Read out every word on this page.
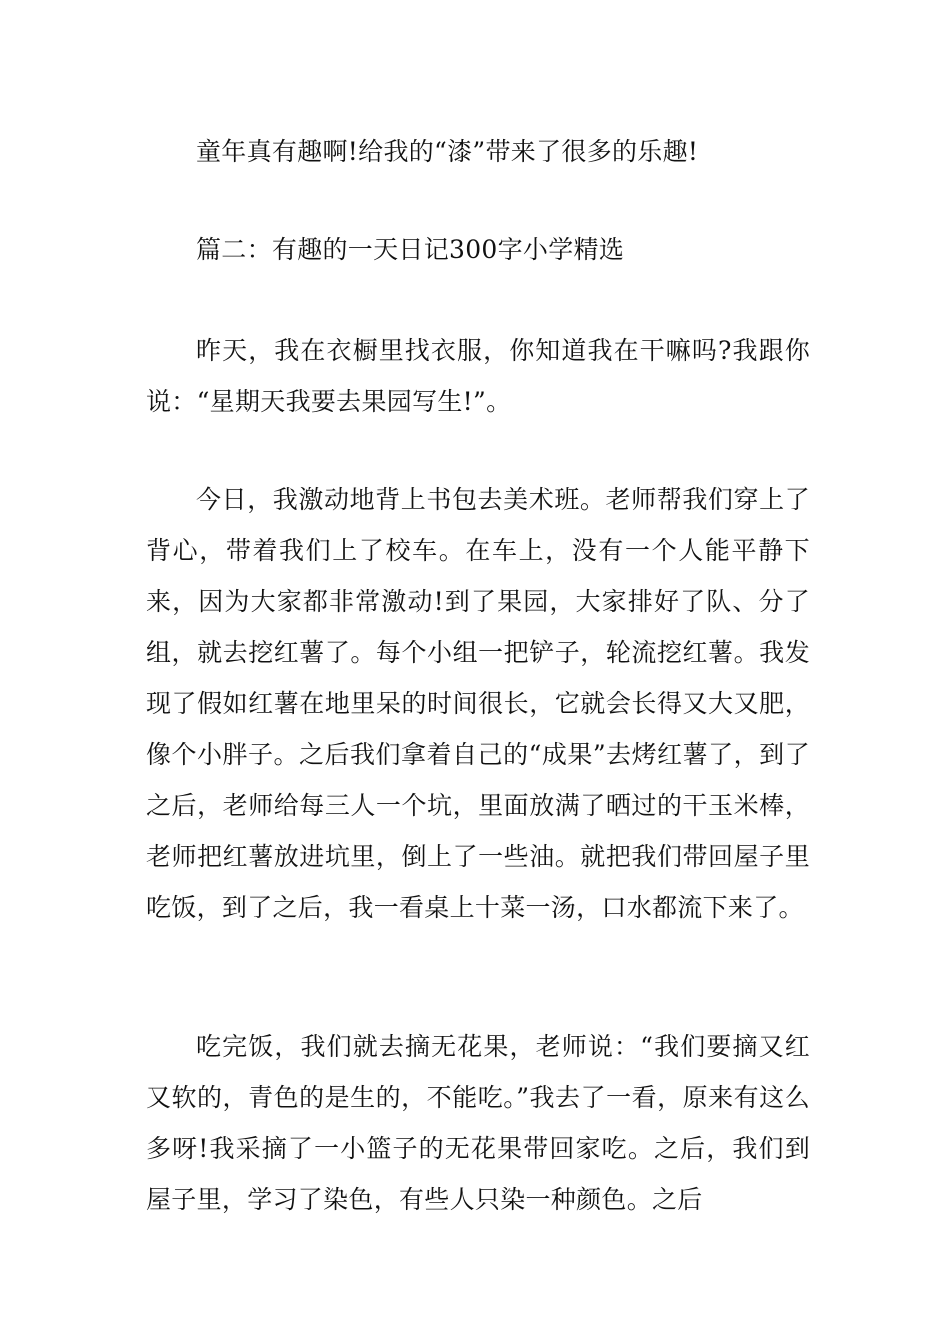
童年真有趣啊!给我的“漆”带来了很多的乐趣!

篇二：有趣的一天日记300字小学精选

昨天，我在衣橱里找衣服，你知道我在干嘛吗?我跟你说：“星期天我要去果园写生!”。

今日，我激动地背上书包去美术班。老师帮我们穿上了背心，带着我们上了校车。在车上，没有一个人能平静下来，因为大家都非常激动!到了果园，大家排好了队、分了组，就去挖红薯了。每个小组一把铲子，轮流挖红薯。我发现了假如红薯在地里呆的时间很长，它就会长得又大又肥，像个小胖子。之后我们拿着自己的“成果”去烤红薯了，到了之后，老师给每三人一个坑，里面放满了晒过的干玉米棒，老师把红薯放进坑里，倒上了一些油。就把我们带回屋子里吃饭，到了之后，我一看桌上十菜一汤，口水都流下来了。

吃完饭，我们就去摘无花果，老师说：“我们要摘又红又软的，青色的是生的，不能吃。”我去了一看，原来有这么多呀!我采摘了一小篮子的无花果带回家吃。之后，我们到屋子里，学习了染色，有些人只染一种颜色。之后
